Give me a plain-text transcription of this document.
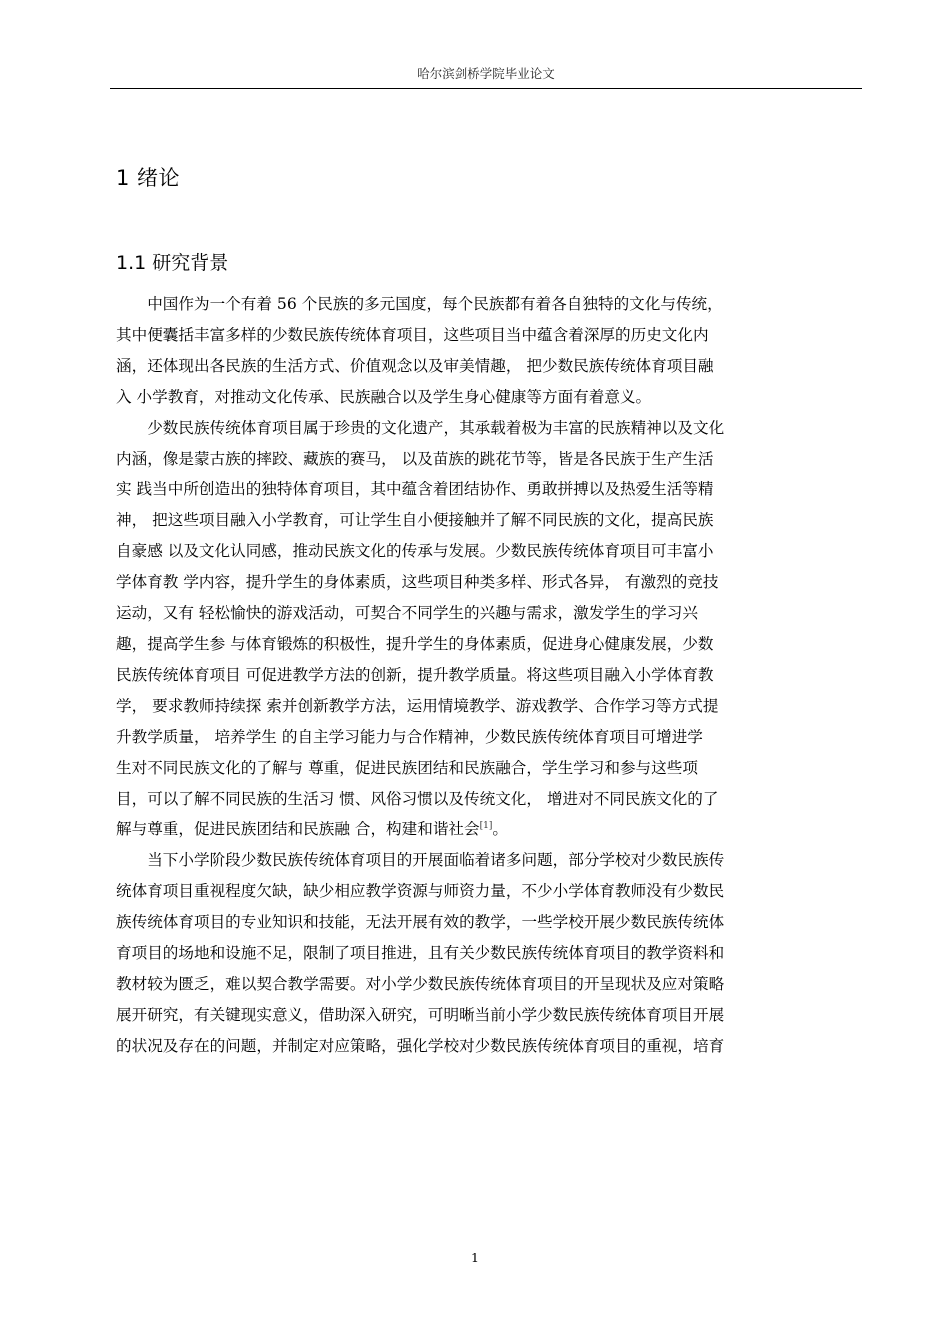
哈尔滨剑桥学院毕业论文
1 绪论
1.1 研究背景

中国作为一个有着 56 个民族的多元国度，每个民族都有着各自独特的文化与传统，

其中便囊括丰富多样的少数民族传统体育项目，这些项目当中蕴含着深厚的历史文化内
涵，还体现出各民族的生活方式、价值观念以及审美情趣， 把少数民族传统体育项目融
入 小学教育，对推动文化传承、民族融合以及学生身心健康等方面有着意义。

少数民族传统体育项目属于珍贵的文化遗产，其承载着极为丰富的民族精神以及文化

内涵，像是蒙古族的摔跤、藏族的赛马， 以及苗族的跳花节等，皆是各民族于生产生活
实 践当中所创造出的独特体育项目，其中蕴含着团结协作、勇敢拼搏以及热爱生活等精
神， 把这些项目融入小学教育，可让学生自小便接触并了解不同民族的文化，提高民族
自豪感 以及文化认同感，推动民族文化的传承与发展。少数民族传统体育项目可丰富小
学体育教 学内容，提升学生的身体素质，这些项目种类多样、形式各异， 有激烈的竞技
运动，又有 轻松愉快的游戏活动，可契合不同学生的兴趣与需求，激发学生的学习兴
趣，提高学生参 与体育锻炼的积极性，提升学生的身体素质，促进身心健康发展，少数
民族传统体育项目 可促进教学方法的创新，提升教学质量。将这些项目融入小学体育教
学， 要求教师持续探 索并创新教学方法，运用情境教学、游戏教学、合作学习等方式提
升教学质量， 培养学生 的自主学习能力与合作精神，少数民族传统体育项目可增进学
生对不同民族文化的了解与 尊重，促进民族团结和民族融合，学生学习和参与这些项
目，可以了解不同民族的生活习 惯、风俗习惯以及传统文化， 增进对不同民族文化的了
解与尊重，促进民族团结和民族融 合，构建和谐社会[1]。

当下小学阶段少数民族传统体育项目的开展面临着诸多问题，部分学校对少数民族传

统体育项目重视程度欠缺，缺少相应教学资源与师资力量，不少小学体育教师没有少数民
族传统体育项目的专业知识和技能，无法开展有效的教学，一些学校开展少数民族传统体
育项目的场地和设施不足，限制了项目推进，且有关少数民族传统体育项目的教学资料和
教材较为匮乏，难以契合教学需要。对小学少数民族传统体育项目的开呈现状及应对策略
展开研究，有关键现实意义，借助深入研究，可明晰当前小学少数民族传统体育项目开展
的状况及存在的问题，并制定对应策略，强化学校对少数民族传统体育项目的重视，培育

1
